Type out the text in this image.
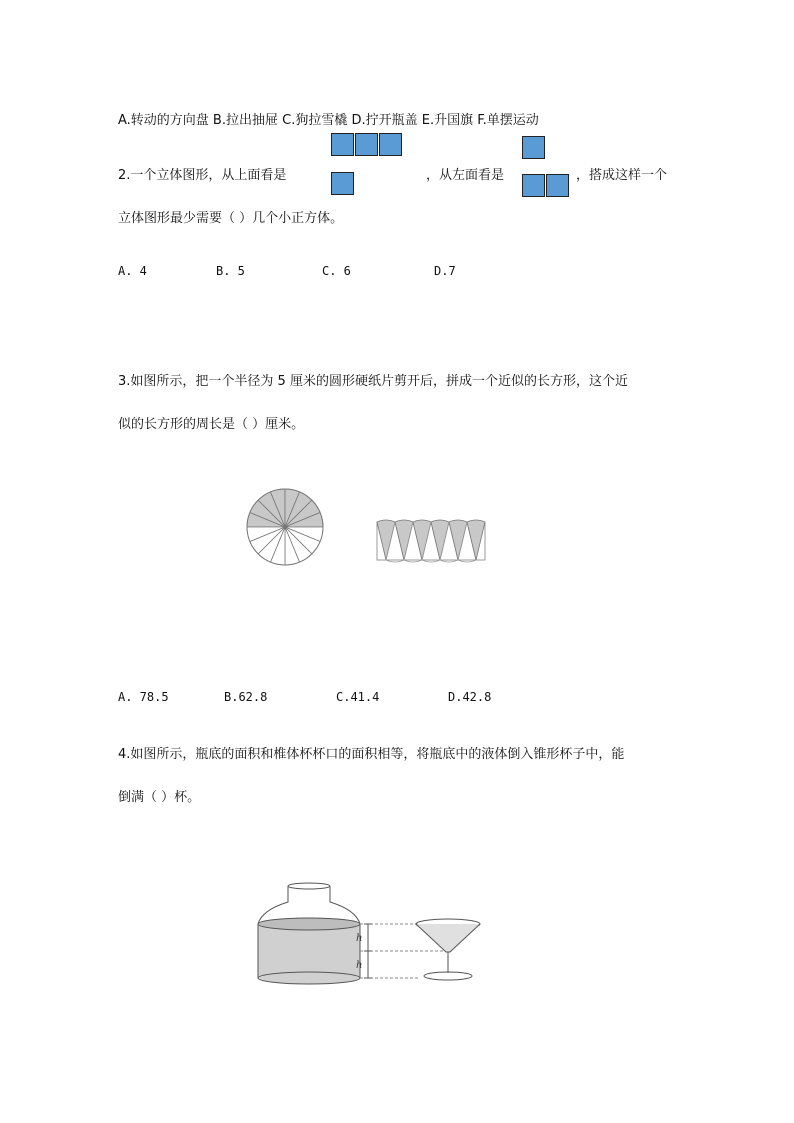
A.转动的方向盘 B.拉出抽屉 C.狗拉雪橇 D.拧开瓶盖 E.升国旗 F.单摆运动
2.一个立体图形，从上面看是	，从左面看是	，搭成这样一个
立体图形最少需要（ ）几个小正方体。
A. 4	B. 5	C. 6	D.7
3.如图所示，把一个半径为 5 厘米的圆形硬纸片剪开后，拼成一个近似的长方形，这个近
似的长方形的周长是（ ）厘米。
A. 78.5	B.62.8	C.41.4	D.42.8
4.如图所示，瓶底的面积和椎体杯杯口的面积相等，将瓶底中的液体倒入锥形杯子中，能
倒满（ ）杯。
h
h
